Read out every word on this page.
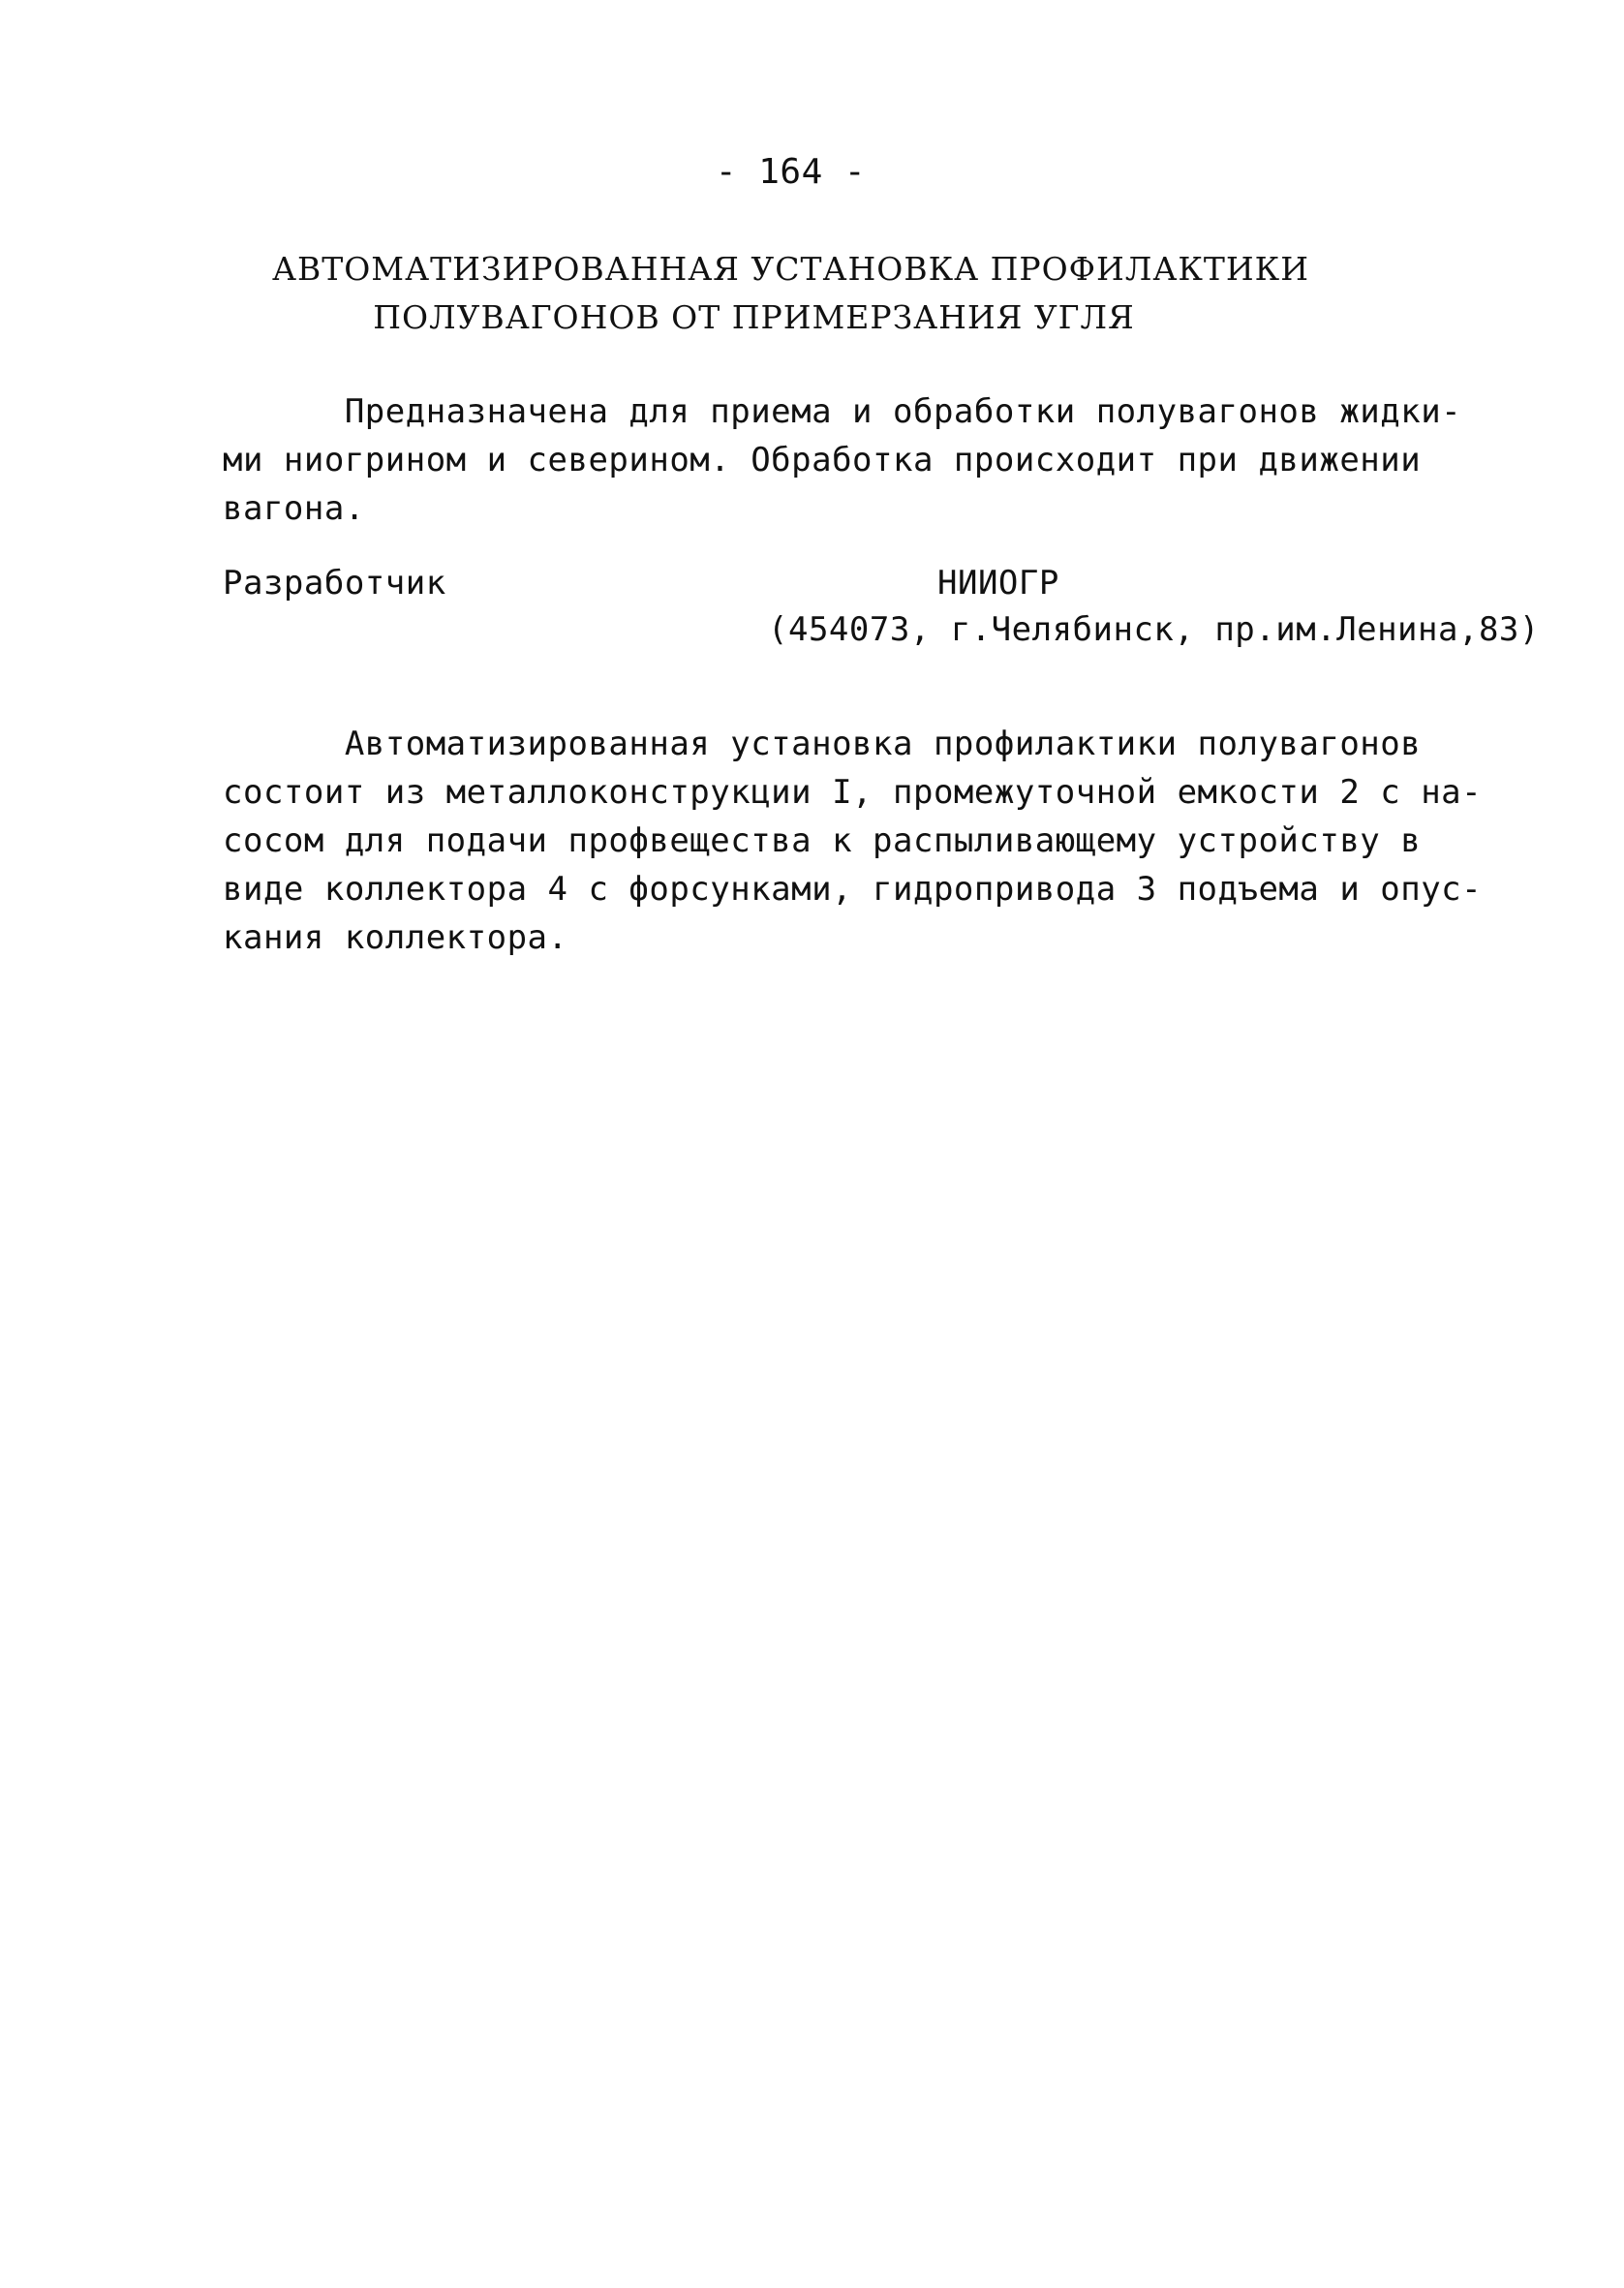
- 164 -
АВТОМАТИЗИРОВАННАЯ УСТАНОВКА ПРОФИЛАКТИКИ
ПОЛУВАГОНОВ ОТ ПРИМЕРЗАНИЯ УГЛЯ
Предназначена для приема и обработки полувагонов жидки-
ми ниогрином и северином. Обработка происходит при движении
вагона.
Разработчик	НИИОГР
(454073, г.Челябинск, пр.им.Ленина,83)
Автоматизированная установка профилактики полувагонов
состоит из металлоконструкции I, промежуточной емкости 2 с на-
сосом для подачи профвещества к распыливающему устройству в
виде коллектора 4 с форсунками, гидропривода 3 подъема и опус-
кания коллектора.
